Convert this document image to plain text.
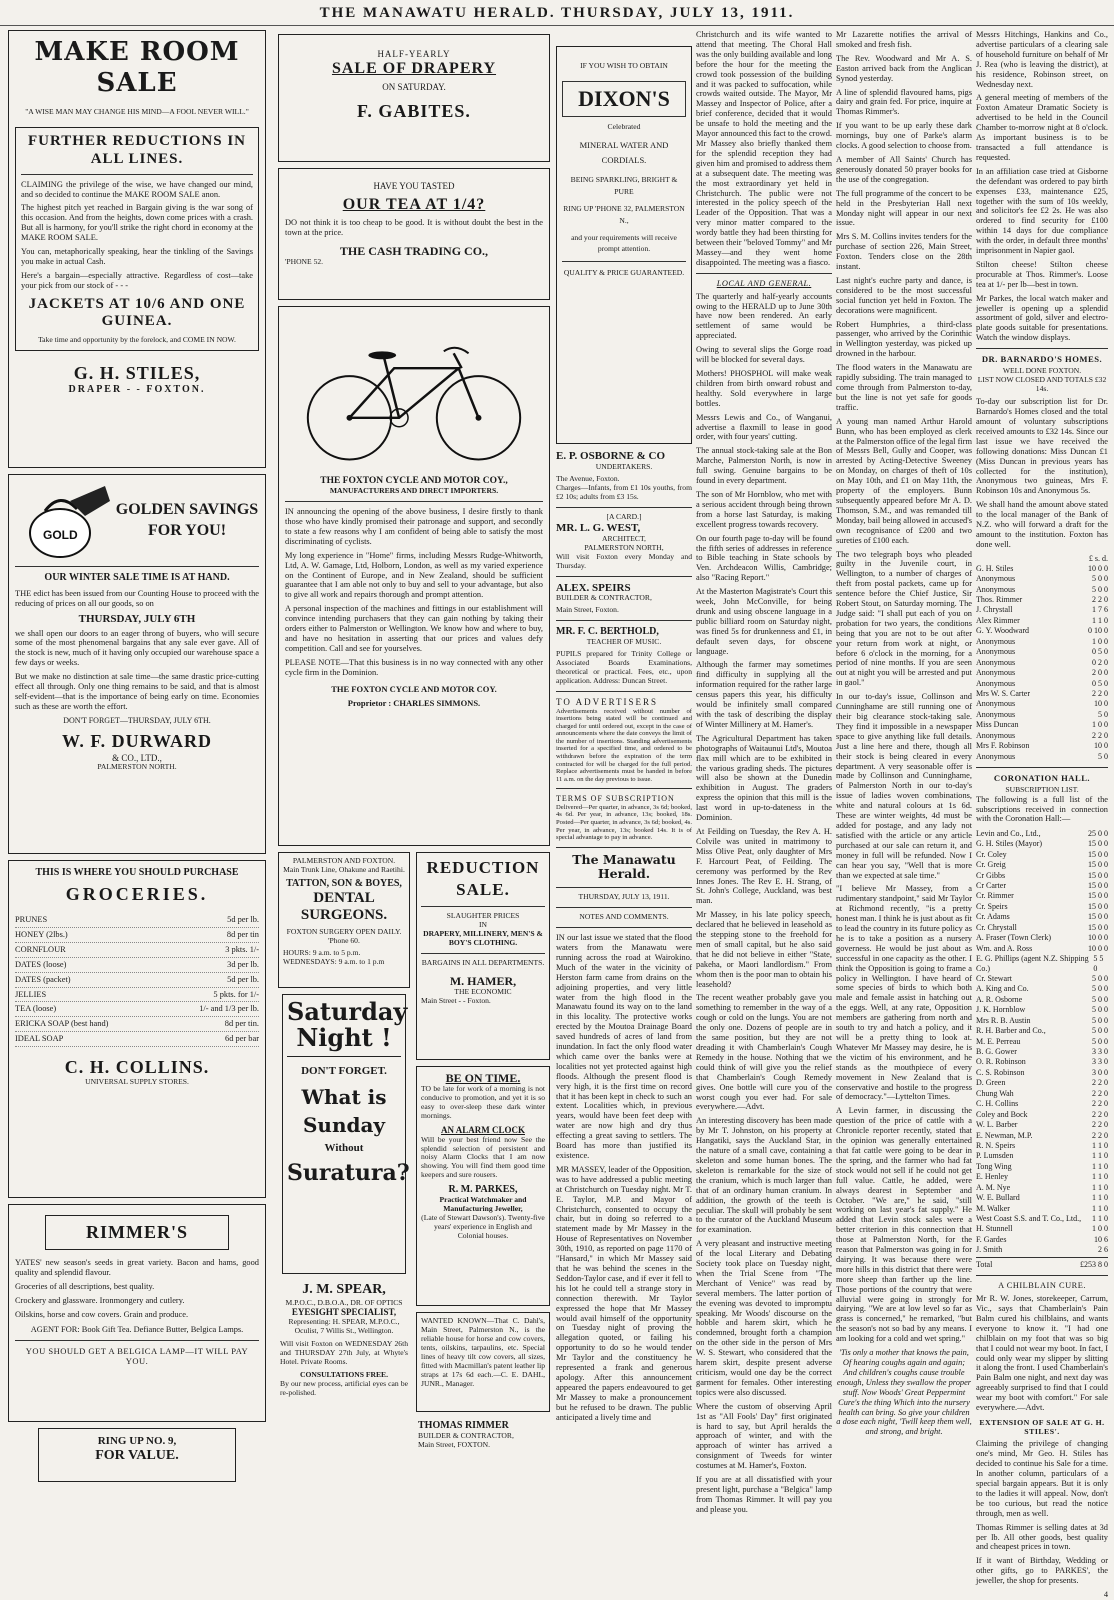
THE MANAWATU HERALD. THURSDAY, JULY 13, 1911.
MAKE ROOM SALE
"A WISE MAN MAY CHANGE HIS MIND—A FOOL NEVER WILL."
FURTHER REDUCTIONS IN ALL LINES.

CLAIMING the privilege of the wise, we have changed our mind, and so decided to continue the MAKE ROOM SALE anon.

The highest pitch yet reached in Bargain giving is the war song of this occasion. And from the heights, down come prices with a crash. But all is harmony, for you'll strike the right chord in economy at the MAKE ROOM SALE.

You can, metaphorically speaking, hear the tinkling of the Savings you make in actual Cash.

Here's a bargain—especially attractive. Regardless of cost—take your pick from our stock of - - -

JACKETS AT 10/6 AND ONE GUINEA.
Take time and opportunity by the forelock, and COME IN NOW.
G. H. STILES,
DRAPER - - FOXTON.
GOLD
GOLDEN SAVINGS FOR YOU!
OUR WINTER SALE TIME IS AT HAND.

THE edict has been issued from our Counting House to proceed with the reducing of prices on all our goods, so on

THURSDAY, JULY 6TH

we shall open our doors to an eager throng of buyers, who will secure some of the most phenomenal bargains that any sale ever gave. All of the stock is new, much of it having only occupied our warehouse space a few days or weeks.

But we make no distinction at sale time—the same drastic price-cutting effect all through. Only one thing remains to be said, and that is almost self-evident—that is the importance of being early on time. Economies such as these are worth the effort.

DON'T FORGET—THURSDAY, JULY 6TH.
W. F. DURWARD
& CO., LTD.,
PALMERSTON NORTH.
THIS IS WHERE YOU SHOULD PURCHASE
GROCERIES.
PRUNES	5d per lb.
HONEY (2lbs.)	8d per tin
CORNFLOUR	3 pkts. 1/-
DATES (loose)	3d per lb.
DATES (packet)	5d per lb.
JELLIES	5 pkts. for 1/-
TEA (loose)	1/- and 1/3 per lb.
ERICKA SOAP (best hand)	8d per tin.
IDEAL SOAP	6d per bar
C. H. COLLINS.
UNIVERSAL SUPPLY STORES.
RIMMER'S

YATES' new season's seeds in great variety. Bacon and hams, good quality and splendid flavour.

Groceries of all descriptions, best quality.

Crockery and glassware. Ironmongery and cutlery.

Oilskins, horse and cow covers. Grain and produce.

AGENT FOR: Book Gift Tea. Defiance Butter, Belgica Lamps.
YOU SHOULD GET A BELGICA LAMP—IT WILL PAY YOU.
RING UP NO. 9,
FOR VALUE.
HALF-YEARLY
SALE OF DRAPERY
ON SATURDAY.
F. GABITES.
HAVE YOU TASTED
OUR TEA AT 1/4?

DO not think it is too cheap to be good. It is without doubt the best in the town at the price.

THE CASH TRADING CO.,
'PHONE 52.
THE FOXTON CYCLE AND MOTOR COY.,
MANUFACTURERS AND DIRECT IMPORTERS.

IN announcing the opening of the above business, I desire firstly to thank those who have kindly promised their patronage and support, and secondly to state a few reasons why I am confident of being able to satisfy the most discriminating of cyclists.

My long experience in "Home" firms, including Messrs Rudge-Whitworth, Ltd, A. W. Gamage, Ltd, Holborn, London, as well as my varied experience on the Continent of Europe, and in New Zealand, should be sufficient guarantee that I am able not only to buy and sell to your advantage, but also to give all work and repairs thorough and prompt attention.

A personal inspection of the machines and fittings in our establishment will convince intending purchasers that they can gain nothing by taking their orders either to Palmerston or Wellington. We know how and where to buy, and have no hesitation in asserting that our prices and values defy competition. Call and see for yourselves.

PLEASE NOTE—That this business is in no way connected with any other cycle firm in the Dominion.

THE FOXTON CYCLE AND MOTOR COY.
Proprietor : CHARLES SIMMONS.
PALMERSTON AND FOXTON.
Main Trunk Line, Ohakune and Raetihi.
TATTON, SON & BOYES,
DENTAL SURGEONS.
FOXTON SURGERY OPEN DAILY.
'Phone 60.
HOURS: 9 a.m. to 5 p.m.
WEDNESDAYS: 9 a.m. to 1 p.m
Saturday Night !
DON'T FORGET.
What is
Sunday
Without
Suratura?
J. M. SPEAR,
M.P.O.C., D.B.O.A., DR. OF OPTICS
EYESIGHT SPECIALIST,

Representing: H. SPEAR, M.P.O.C., Oculist, 7 Willis St., Wellington.

Will visit Foxton on WEDNESDAY 26th and THURSDAY 27th July, at Whyte's Hotel. Private Rooms.

CONSULTATIONS FREE.

By our new process, artificial eyes can be re-polished.

REDUCTION SALE.
SLAUGHTER PRICES
IN
DRAPERY, MILLINERY, MEN'S & BOY'S CLOTHING.
BARGAINS IN ALL DEPARTMENTS.
M. HAMER,
THE ECONOMIC
Main Street - - Foxton.
BE ON TIME.

TO be late for work of a morning is not conducive to promotion, and yet it is so easy to over-sleep these dark winter mornings.

AN ALARM CLOCK

Will be your best friend now See the splendid selection of persistent and noisy Alarm Clocks that I am now showing. You will find them good time keepers and sure rousers.

R. M. PARKES,
Practical Watchmaker and Manufacturing Jeweller,

(Late of Stewart Dawson's). Twenty-five years' experience in English and Colonial houses.

WANTED KNOWN—That C. Dahl's, Main Street, Palmerston N., is the reliable house for horse and cow covers, tents, oilskins, tarpaulins, etc. Special lines of heavy tilt cow covers, all sizes, fitted with Macmillan's patent leather lip straps at 17s 6d each.—C. E. DAHL, JUNR., Manager.

THOMAS RIMMER
BUILDER & CONTRACTOR,
Main Street, FOXTON.
IF YOU WISH TO OBTAIN
DIXON'S
Celebrated
MINERAL WATER AND CORDIALS.
BEING SPARKLING, BRIGHT & PURE
RING UP 'PHONE 32, PALMERSTON N.,
and your requirements will receive prompt attention.
QUALITY & PRICE GUARANTEED.
E. P. OSBORNE & CO
UNDERTAKERS.
The Avenue, Foxton.

Charges—Infants, from £1 10s youths, from £2 10s; adults from £3 15s.

[A CARD.]
MR. L. G. WEST,
ARCHITECT,
PALMERSTON NORTH,

Will visit Foxton every Monday and Thursday.

ALEX. SPEIRS
BUILDER & CONTRACTOR,
Main Street, Foxton.
MR. F. C. BERTHOLD,
TEACHER OF MUSIC.

PUPILS prepared for Trinity College or Associated Boards Examinations, theoretical or practical. Fees, etc., upon application. Address: Duncan Street.

TO ADVERTISERS

Advertisements received without number of insertions being stated will be continued and charged for until ordered out, except in the case of announcements where the date conveys the limit of the number of insertions. Standing advertisements inserted for a specified time, and ordered to be withdrawn before the expiration of the term contracted for will be charged for the full period. Replace advertisements must be handed in before 11 a.m. on the day previous to issue.

TERMS OF SUBSCRIPTION

Delivered—Per quarter, in advance, 3s 6d; booked, 4s 6d. Per year, in advance, 13s; booked, 18s. Posted—Per quarter, in advance, 3s 6d; booked, 4s. Per year, in advance, 13s; booked 14s. It is of special advantage to pay in advance.

The Manawatu Herald.
THURSDAY, JULY 13, 1911.
NOTES AND COMMENTS.

IN our last issue we stated that the flood waters from the Manawatu were running across the road at Wairokino. Much of the water in the vicinity of Herston farm came from drains on the adjoining properties, and very little water from the high flood in the Manawatu found its way on to the land in this locality. The protective works erected by the Moutoa Drainage Board saved hundreds of acres of land from inundation. In fact the only flood water which came over the banks were at localities not yet protected against high floods. Although the present flood is very high, it is the first time on record that it has been kept in check to such an extent. Localities which, in previous years, would have been feet deep with water are now high and dry thus effecting a great saving to settlers. The Board has more than justified its existence.

MR MASSEY, leader of the Opposition, was to have addressed a public meeting at Christchurch on Tuesday night. Mr T. E. Taylor, M.P. and Mayor of Christchurch, consented to occupy the chair, but in doing so referred to a statement made by Mr Massey in the House of Representatives on November 30th, 1910, as reported on page 1170 of "Hansard," in which Mr Massey said that he was behind the scenes in the Seddon-Taylor case, and if ever it fell to his lot he could tell a strange story in connection therewith. Mr Taylor expressed the hope that Mr Massey would avail himself of the opportunity on Tuesday night of proving the allegation quoted, or failing his opportunity to do so he would tender Mr Taylor and the constituency he represented a frank and generous apology. After this announcement appeared the papers endeavoured to get Mr Massey to make a pronouncement but he refused to be drawn. The public anticipated a lively time and

Christchurch and its wife wanted to attend that meeting. The Choral Hall was the only building available and long before the hour for the meeting the crowd took possession of the building and it was packed to suffocation, while crowds waited outside. The Mayor, Mr Massey and Inspector of Police, after a brief conference, decided that it would be unsafe to hold the meeting and the Mayor announced this fact to the crowd. Mr Massey also briefly thanked them for the splendid reception they had given him and promised to address them at a subsequent date. The meeting was the most extraordinary yet held in Christchurch. The public were not interested in the policy speech of the Leader of the Opposition. That was a very minor matter compared to the wordy battle they had been thirsting for between their "beloved Tommy" and Mr Massey—and they went home disappointed. The meeting was a fiasco.

LOCAL AND GENERAL.

The quarterly and half-yearly accounts owing to the HERALD up to June 30th have now been rendered. An early settlement of same would be appreciated.

Owing to several slips the Gorge road will be blocked for several days.

Mothers! PHOSPHOL will make weak children from birth onward robust and healthy. Sold everywhere in large bottles.

Messrs Lewis and Co., of Wanganui, advertise a flaxmill to lease in good order, with four years' cutting.

The annual stock-taking sale at the Bon Marche, Palmerston North, is now in full swing. Genuine bargains to be found in every department.

The son of Mr Hornblow, who met with a serious accident through being thrown from a horse last Saturday, is making excellent progress towards recovery.

On our fourth page to-day will be found the fifth series of addresses in reference to Bible teaching in State schools by Ven. Archdeacon Willis, Cambridge; also "Racing Report."

At the Masterton Magistrate's Court this week, John McConville, for being drunk and using obscene language in a public billiard room on Saturday night, was fined 5s for drunkenness and £1, in default seven days, for obscene language.

Although the farmer may sometimes find difficulty in supplying all the information required for the rather large census papers this year, his difficulty would be infinitely small compared with the task of describing the display of Winter Millinery at M. Hamer's.

The Agricultural Department has taken photographs of Waitaunui Ltd's, Moutoa flax mill which are to be exhibited in the various grading sheds. The pictures will also be shown at the Dunedin exhibition in August. The graders express the opinion that this mill is the last word in up-to-dateness in the Dominion.

At Feilding on Tuesday, the Rev A. H. Colvile was united in matrimony to Miss Olive Peat, only daughter of Mrs F. Harcourt Peat, of Feilding. The ceremony was performed by the Rev Innes Jones. The Rev E. H. Strang, of St. John's College, Auckland, was best man.

Mr Massey, in his late policy speech, declared that he believed in leasehold as the stepping stone to the freehold for men of small capital, but he also said that he did not believe in either "State, pakeha, or Maori landlordism." From whom then is the poor man to obtain his leasehold?

The recent weather probably gave you something to remember in the way of a cough or cold on the lungs. You are not the only one. Dozens of people are in the same position, but they are not dreading it with Chamberlain's Cough Remedy in the house. Nothing that we could think of will give you the relief that Chamberlain's Cough Remedy gives. One bottle will cure you of the worst cough you ever had. For sale everywhere.—Advt.

An interesting discovery has been made by Mr T. Johnston, on his property at Hangatiki, says the Auckland Star, in the nature of a small cave, containing a skeleton and some human bones. The skeleton is remarkable for the size of the cranium, which is much larger than that of an ordinary human cranium. In addition, the growth of the teeth is peculiar. The skull will probably be sent to the curator of the Auckland Museum for examination.

A very pleasant and instructive meeting of the local Literary and Debating Society took place on Tuesday night, when the Trial Scene from "The Merchant of Venice" was read by several members. The latter portion of the evening was devoted to impromptu speaking. Mr Woods' discourse on the hobble and harem skirt, which he condemned, brought forth a champion on the other side in the person of Mrs W. S. Stewart, who considered that the harem skirt, despite present adverse criticism, would one day be the correct garment for females. Other interesting topics were also discussed.

Where the custom of observing April 1st as "All Fools' Day" first originated is hard to say, but April heralds the approach of winter, and with the approach of winter has arrived a consignment of Tweeds for winter costumes at M. Hamer's, Foxton.

If you are at all dissatisfied with your present light, purchase a "Belgica" lamp from Thomas Rimmer. It will pay you and please you.

Mr Lazarette notifies the arrival of smoked and fresh fish.

The Rev. Woodward and Mr A. S. Easton arrived back from the Anglican Synod yesterday.

A line of splendid flavoured hams, pigs dairy and grain fed. For price, inquire at Thomas Rimmer's.

If you want to be up early these dark mornings, buy one of Parke's alarm clocks. A good selection to choose from.

A member of All Saints' Church has generously donated 50 prayer books for the use of the congregation.

The full programme of the concert to be held in the Presbyterian Hall next Monday night will appear in our next issue.

Mrs S. M. Collins invites tenders for the purchase of section 226, Main Street, Foxton. Tenders close on the 28th instant.

Last night's euchre party and dance, is considered to be the most successful social function yet held in Foxton. The decorations were magnificent.

Robert Humphries, a third-class passenger, who arrived by the Corinthic in Wellington yesterday, was picked up drowned in the harbour.

The flood waters in the Manawatu are rapidly subsiding. The train managed to come through from Palmerston to-day, but the line is not yet safe for goods traffic.

A young man named Arthur Harold Bunn, who has been employed as clerk at the Palmerston office of the legal firm of Messrs Bell, Gully and Cooper, was arrested by Acting-Detective Sweeney on Monday, on charges of theft of 10s on May 10th, and £1 on May 11th, the property of the employers. Bunn subsequently appeared before Mr A. D. Thomson, S.M., and was remanded till Monday, bail being allowed in accused's own recognisance of £200 and two sureties of £100 each.

The two telegraph boys who pleaded guilty in the Juvenile court, in Wellington, to a number of charges of theft from postal packets, came up for sentence before the Chief Justice, Sir Robert Stout, on Saturday morning. The Judge said: "I shall put each of you on probation for two years, the conditions being that you are not to be out after your return from work at night, or before 6 o'clock in the morning, for a period of nine months. If you are seen out at night you will be arrested and put in gaol."

In our to-day's issue, Collinson and Cunninghame are still running one of their big clearance stock-taking sale. They find it impossible in a newspaper space to give anything like full details. Just a line here and there, though all their stock is being cleared in every department. A very seasonable offer is made by Collinson and Cunninghame, of Palmerston North in our to-day's issue of ladies woven combinations, white and natural colours at 1s 6d. These are winter weights, 4d must be added for postage, and any lady not satisfied with the article or any article purchased at our sale can return it, and money in full will be refunded. Now I can hear you say, "Well that is more than we expected at sale time."

"I believe Mr Massey, from a rudimentary standpoint," said Mr Taylor at Richmond recently, "is a pretty honest man. I think he is just about as fit to lead the country in its future policy as he is to take a position as a nursery governess. He would be just about as successful in one capacity as the other. I think the Opposition is going to frame a policy in Wellington. I have heard of some species of birds to which both male and female assist in hatching out the eggs. Well, at any rate, Opposition members are gathering from north and south to try and hatch a policy, and it will be a pretty thing to look at. Whatever Mr Massey may desire, he is the victim of his environment, and he stands as the mouthpiece of every movement in New Zealand that is conservative and hostile to the progress of democracy."—Lyttelton Times.

A Levin farmer, in discussing the question of the price of cattle with a Chronicle reporter recently, stated that the opinion was generally entertained that fat cattle were going to be dear in the spring, and the farmer who had fat stock would not sell if he could not get full value. Cattle, he added, were always dearest in September and October. "We are," he said, "still working on last year's fat supply." He added that Levin stock sales were a better criterion in this connection that those at Palmerston North, for the reason that Palmerston was going in for dairying. It was because there were more hills in this district that there were more sheep than farther up the line. Those portions of the country that were alluvial were going in strongly for dairying. "We are at low level so far as grass is concerned," he remarked, "but the season's not so bad by any means. I am looking for a cold and wet spring."

'Tis only a mother that knows the pain, Of hearing coughs again and again; And children's coughs cause trouble enough, Unless they swallow the proper stuff. Now Woods' Great Peppermint Cure's the thing Which into the nursery health can bring. So give your children a dose each night, 'Twill keep them well, and strong, and bright.

Messrs Hitchings, Hankins and Co., advertise particulars of a clearing sale of household furniture on behalf of Mr J. Rea (who is leaving the district), at his residence, Robinson street, on Wednesday next.

A general meeting of members of the Foxton Amateur Dramatic Society is advertised to be held in the Council Chamber to-morrow night at 8 o'clock. As important business is to be transacted a full attendance is requested.

In an affiliation case tried at Gisborne the defendant was ordered to pay birth expenses £33, maintenance £25, together with the sum of 10s weekly, and solicitor's fee £2 2s. He was also ordered to find security for £100 within 14 days for due compliance with the order, in default three months' imprisonment in Napier gaol.

Stilton cheese! Stilton cheese procurable at Thos. Rimmer's. Loose tea at 1/- per lb—best in town.

Mr Parkes, the local watch maker and jeweller is opening up a splendid assortment of gold, silver and electro-plate goods suitable for presentations. Watch the window displays.

DR. BARNARDO'S HOMES.
WELL DONE FOXTON.
LIST NOW CLOSED AND TOTALS £32 14s.

To-day our subscription list for Dr. Barnardo's Homes closed and the total amount of voluntary subscriptions received amounts to £32 14s. Since our last issue we have received the following donations: Miss Duncan £1 (Miss Duncan in previous years has collected for the institution), Anonymous two guineas, Mrs F. Robinson 10s and Anonymous 5s.

We shall hand the amount above stated to the local manager of the Bank of N.Z. who will forward a draft for the amount to the institution. Foxton has done well.

£ s. d.
G. H. Stiles	10 0 0
Anonymous	5 0 0
Anonymous	5 0 0
Thos. Rimmer	2 2 0
J. Chrystall	1 7 6
Alex Rimmer	1 1 0
G. Y. Woodward	0 10 0
Anonymous	1 0 0
Anonymous	0 5 0
Anonymous	0 2 0
Anonymous	2 0 0
Anonymous	0 5 0
Mrs W. S. Carter	2 2 0
Anonymous	10 0
Anonymous	5 0
Miss Duncan	1 0 0
Anonymous	2 2 0
Mrs F. Robinson	10 0
Anonymous	5 0
CORONATION HALL.
SUBSCRIPTION LIST.

The following is a full list of the subscriptions received in connection with the Coronation Hall:—

Levin and Co., Ltd.,	25 0 0
G. H. Stiles (Mayor)	15 0 0
Cr. Coley	15 0 0
Cr. Greig	15 0 0
Cr Gibbs	15 0 0
Cr Carter	15 0 0
Cr. Rimmer	15 0 0
Cr. Speirs	15 0 0
Cr. Adams	15 0 0
Cr. Chrystall	15 0 0
A. Fraser (Town Clerk)	10 0 0
Wm. and A. Ross	10 0 0
E. G. Phillips (agent N.Z. Shipping Co.)
5 5 0
Cr. Stewart	5 0 0
A. King and Co.	5 0 0
A. R. Osborne	5 0 0
J. K. Hornblow	5 0 0
Mrs R. B. Austin	5 0 0
R. H. Barber and Co.,	5 0 0
M. E. Perreau	5 0 0
B. G. Gower	3 3 0
O. R. Robinson	3 3 0
C. S. Robinson	3 0 0
D. Green	2 2 0
Chung Wah	2 2 0
C. H. Collins	2 2 0
Coley and Bock	2 2 0
W. L. Barber	2 2 0
E. Newman, M.P.	2 2 0
R. N. Speirs	1 1 0
P. Lumsden	1 1 0
Tong Wing	1 1 0
E. Henley	1 1 0
A. M. Nye	1 1 0
W. E. Bullard	1 1 0
M. Walker	1 1 0
West Coast S.S. and T. Co., Ltd., 1 1 0
H. Stunnell	1 0 0
F. Gardes	10 6
J. Smith	2 6
Total	£253 8 0
A CHILBLAIN CURE.

Mr R. W. Jones, storekeeper, Carrum, Vic., says that Chamberlain's Pain Balm cured his chilblains, and wants everyone to know it. "I had one chilblain on my foot that was so big that I could not wear my boot. In fact, I could only wear my slipper by slitting it along the front. I used Chamberlain's Pain Balm one night, and next day was agreeably surprised to find that I could wear my boot with comfort." For sale everywhere.—Advt.

EXTENSION OF SALE AT G. H. STILES'.

Claiming the privilege of changing one's mind, Mr Geo. H. Stiles has decided to continue his Sale for a time. In another column, particulars of a special bargain appears. But it is only to the ladies it will appeal. Now, don't be too curious, but read the notice through, men as well.

Thomas Rimmer is selling dates at 3d per lb. All other goods, best quality and cheapest prices in town.

If it want of Birthday, Wedding or other gifts, go to PARKES', the jeweller, the shop for presents.

4
